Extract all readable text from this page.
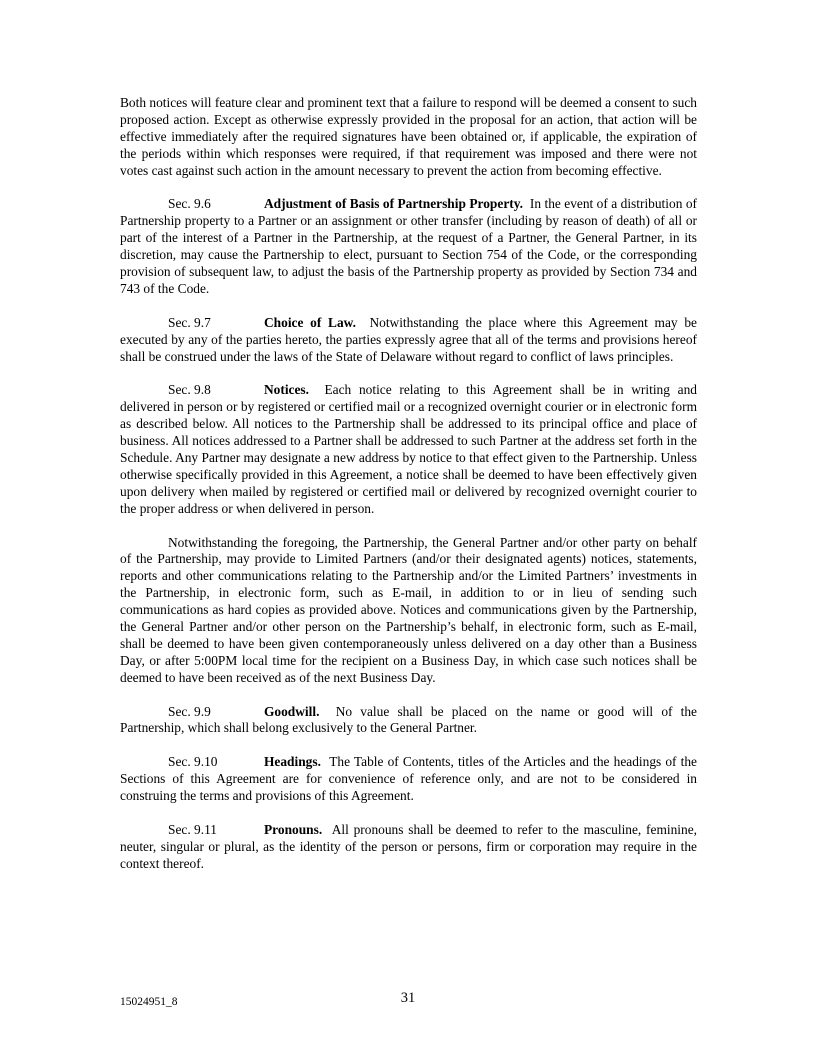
Both notices will feature clear and prominent text that a failure to respond will be deemed a consent to such proposed action. Except as otherwise expressly provided in the proposal for an action, that action will be effective immediately after the required signatures have been obtained or, if applicable, the expiration of the periods within which responses were required, if that requirement was imposed and there were not votes cast against such action in the amount necessary to prevent the action from becoming effective.

Sec. 9.6	Adjustment of Basis of Partnership Property. In the event of a distribution of Partnership property to a Partner or an assignment or other transfer (including by reason of death) of all or part of the interest of a Partner in the Partnership, at the request of a Partner, the General Partner, in its discretion, may cause the Partnership to elect, pursuant to Section 754 of the Code, or the corresponding provision of subsequent law, to adjust the basis of the Partnership property as provided by Section 734 and 743 of the Code.

Sec. 9.7	Choice of Law. Notwithstanding the place where this Agreement may be executed by any of the parties hereto, the parties expressly agree that all of the terms and provisions hereof shall be construed under the laws of the State of Delaware without regard to conflict of laws principles.

Sec. 9.8	Notices. Each notice relating to this Agreement shall be in writing and delivered in person or by registered or certified mail or a recognized overnight courier or in electronic form as described below. All notices to the Partnership shall be addressed to its principal office and place of business. All notices addressed to a Partner shall be addressed to such Partner at the address set forth in the Schedule. Any Partner may designate a new address by notice to that effect given to the Partnership. Unless otherwise specifically provided in this Agreement, a notice shall be deemed to have been effectively given upon delivery when mailed by registered or certified mail or delivered by recognized overnight courier to the proper address or when delivered in person.

Notwithstanding the foregoing, the Partnership, the General Partner and/or other party on behalf of the Partnership, may provide to Limited Partners (and/or their designated agents) notices, statements, reports and other communications relating to the Partnership and/or the Limited Partners’ investments in the Partnership, in electronic form, such as E-mail, in addition to or in lieu of sending such communications as hard copies as provided above. Notices and communications given by the Partnership, the General Partner and/or other person on the Partnership’s behalf, in electronic form, such as E-mail, shall be deemed to have been given contemporaneously unless delivered on a day other than a Business Day, or after 5:00PM local time for the recipient on a Business Day, in which case such notices shall be deemed to have been received as of the next Business Day.

Sec. 9.9	Goodwill. No value shall be placed on the name or good will of the Partnership, which shall belong exclusively to the General Partner.

Sec. 9.10	Headings. The Table of Contents, titles of the Articles and the headings of the Sections of this Agreement are for convenience of reference only, and are not to be considered in construing the terms and provisions of this Agreement.

Sec. 9.11	Pronouns. All pronouns shall be deemed to refer to the masculine, feminine, neuter, singular or plural, as the identity of the person or persons, firm or corporation may require in the context thereof.

15024951_8	31
